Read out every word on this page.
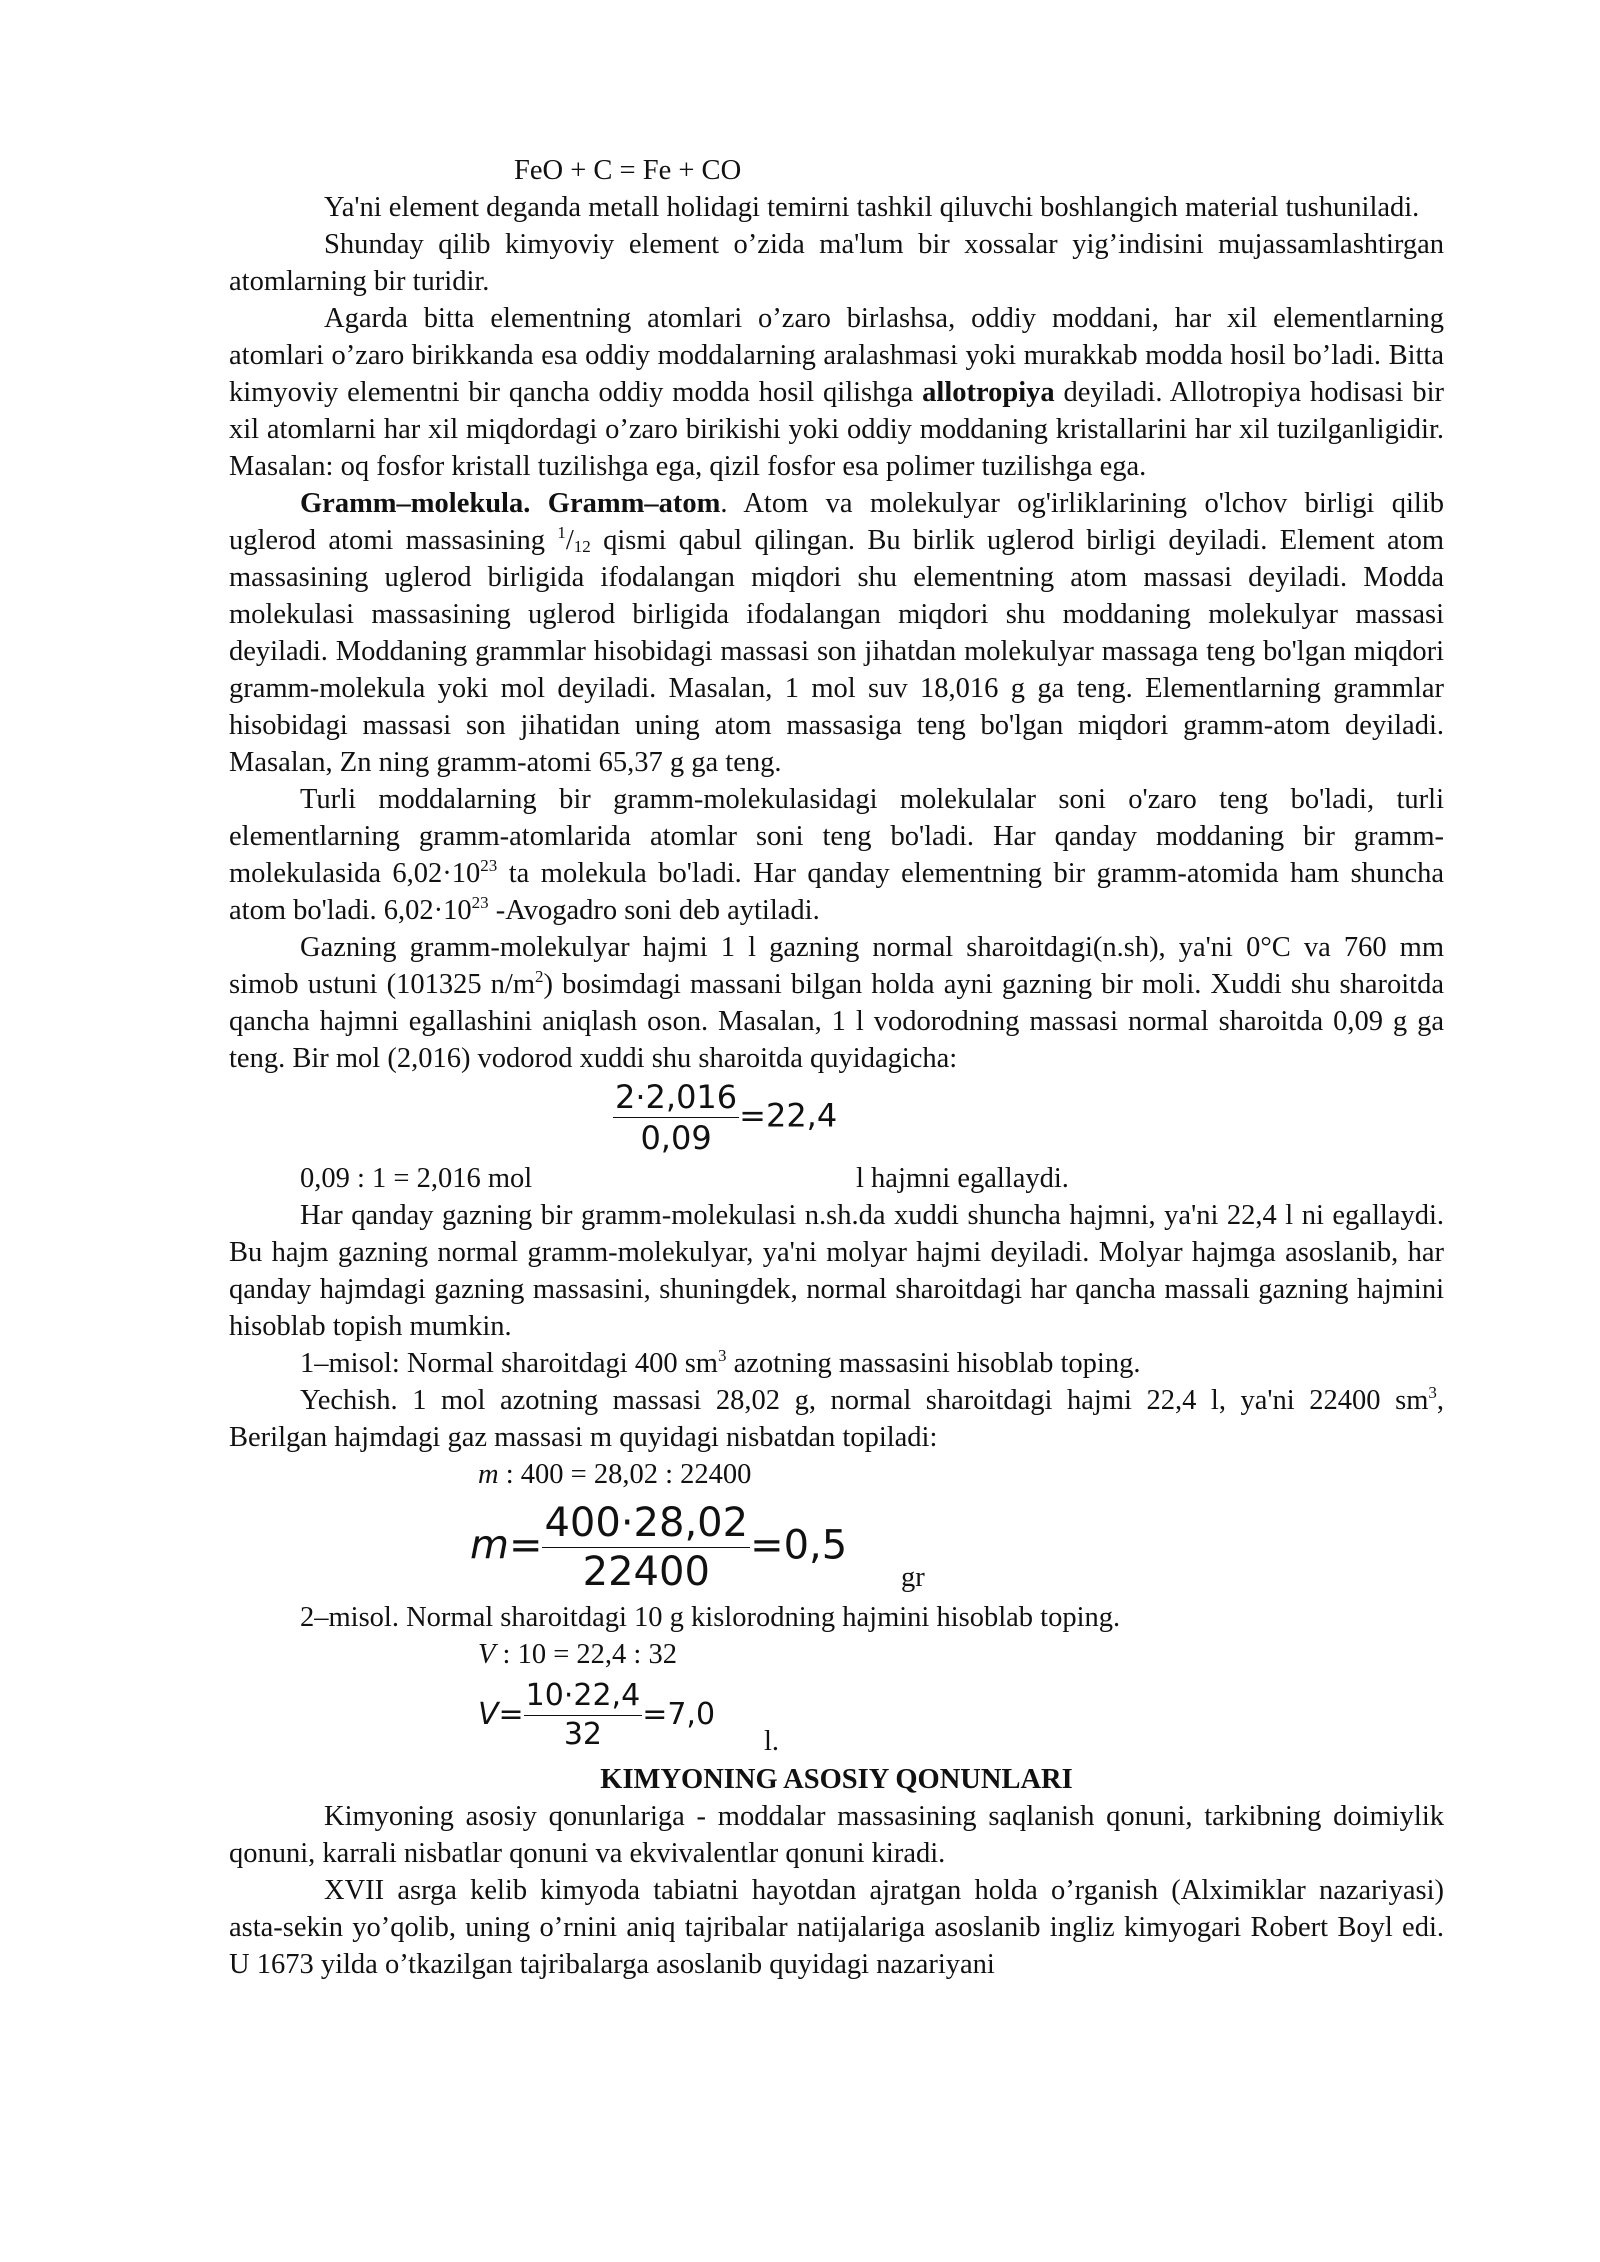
FeO + C = Fe + CO

Ya'ni element deganda metall holidagi temirni tashkil qiluvchi boshlangich material tushuniladi.

Shunday qilib kimyoviy element o’zida ma'lum bir xossalar yig’indisini mujassamlashtirgan atomlarning bir turidir.

Agarda bitta elementning atomlari o’zaro birlashsa, oddiy moddani, har xil elementlarning atomlari o’zaro birikkanda esa oddiy moddalarning aralashmasi yoki murakkab modda hosil bo’ladi. Bitta kimyoviy elementni bir qancha oddiy modda hosil qilishga allotropiya deyiladi. Allotropiya hodisasi bir xil atomlarni har xil miqdordagi o’zaro birikishi yoki oddiy moddaning kristallarini har xil tuzilganligidir. Masalan: oq fosfor kristall tuzilishga ega, qizil fosfor esa polimer tuzilishga ega.

Gramm–molekula. Gramm–atom. Atom va molekulyar og'irliklarining o'lchov birligi qilib uglerod atomi massasining $^1/_{12}$ qismi qabul qilingan. Bu birlik uglerod birligi deyiladi. Element atom massasining uglerod birligida ifodalangan miqdori shu elementning atom massasi deyiladi. Modda molekulasi massasining uglerod birligida ifodalangan miqdori shu moddaning molekulyar massasi deyiladi. Moddaning grammlar hisobidagi massasi son jihatdan molekulyar massaga teng bo'lgan miqdori gramm-molekula yoki mol deyiladi. Masalan, 1 mol suv 18,016 g ga teng. Elementlarning grammlar hisobidagi massasi son jihatidan uning atom massasiga teng bo'lgan miqdori gramm-atom deyiladi. Masalan, Zn ning gramm-atomi 65,37 g ga teng.

Turli moddalarning bir gramm-molekulasidagi molekulalar soni o'zaro teng bo'ladi, turli elementlarning gramm-atomlarida atomlar soni teng bo'ladi. Har qanday moddaning bir gramm-molekulasida $6,02\cdot 10^{23}$ ta molekula bo'ladi. Har qanday elementning bir gramm-atomida ham shuncha atom bo'ladi. $6,02\cdot 10^{23}$ -Avogadro soni deb aytiladi.

Gazning gramm-molekulyar hajmi 1 l gazning normal sharoitdagi(n.sh), ya'ni 0°C va 760 mm simob ustuni (101325 $n/m^2$) bosimdagi massani bilgan holda ayni gazning bir moli. Xuddi shu sharoitda qancha hajmni egallashini aniqlash oson. Masalan, 1 l vodorodning massasi normal sharoitda 0,09 g ga teng. Bir mol (2,016) vodorod xuddi shu sharoitda quyidagicha:

0,09 : 1 = 2,016 mol
$\frac{2\cdot 2,016}{0,09} =22,4$
l hajmni egallaydi.

Har qanday gazning bir gramm-molekulasi n.sh.da xuddi shuncha hajmni, ya'ni 22,4 l ni egallaydi. Bu hajm gazning normal gramm-molekulyar, ya'ni molyar hajmi deyiladi. Molyar hajmga asoslanib, har qanday hajmdagi gazning massasini, shuningdek, normal sharoitdagi har qancha massali gazning hajmini hisoblab topish mumkin.

1–misol: Normal sharoitdagi 400 $sm^3$ azotning massasini hisoblab toping.

Yechish. 1 mol azotning massasi 28,02 g, normal sharoitdagi hajmi 22,4 l, ya'ni 22400 $sm^3$, Berilgan hajmdagi gaz massasi m quyidagi nisbatdan topiladi:

m : 400 = 28,02 : 22400
$m= \frac{400\cdot 28,02}{22400} =0,5$
gr

2–misol. Normal sharoitdagi 10 g kislorodning hajmini hisoblab toping.

V : 10 = 22,4 : 32
$V= \frac{10\cdot 22,4}{32} =7,0$
l.
KIMYONING ASOSIY QONUNLARI

Kimyoning asosiy qonunlariga - moddalar massasining saqlanish qonuni, tarkibning doimiylik qonuni, karrali nisbatlar qonuni va ekvivalentlar qonuni kiradi.

XVII asrga kelib kimyoda tabiatni hayotdan ajratgan holda o’rganish (Alximiklar nazariyasi) asta-sekin yo’qolib, uning o’rnini aniq tajribalar natijalariga asoslanib ingliz kimyogari Robert Boyl edi. U 1673 yilda o’tkazilgan tajribalarga asoslanib quyidagi nazariyani
